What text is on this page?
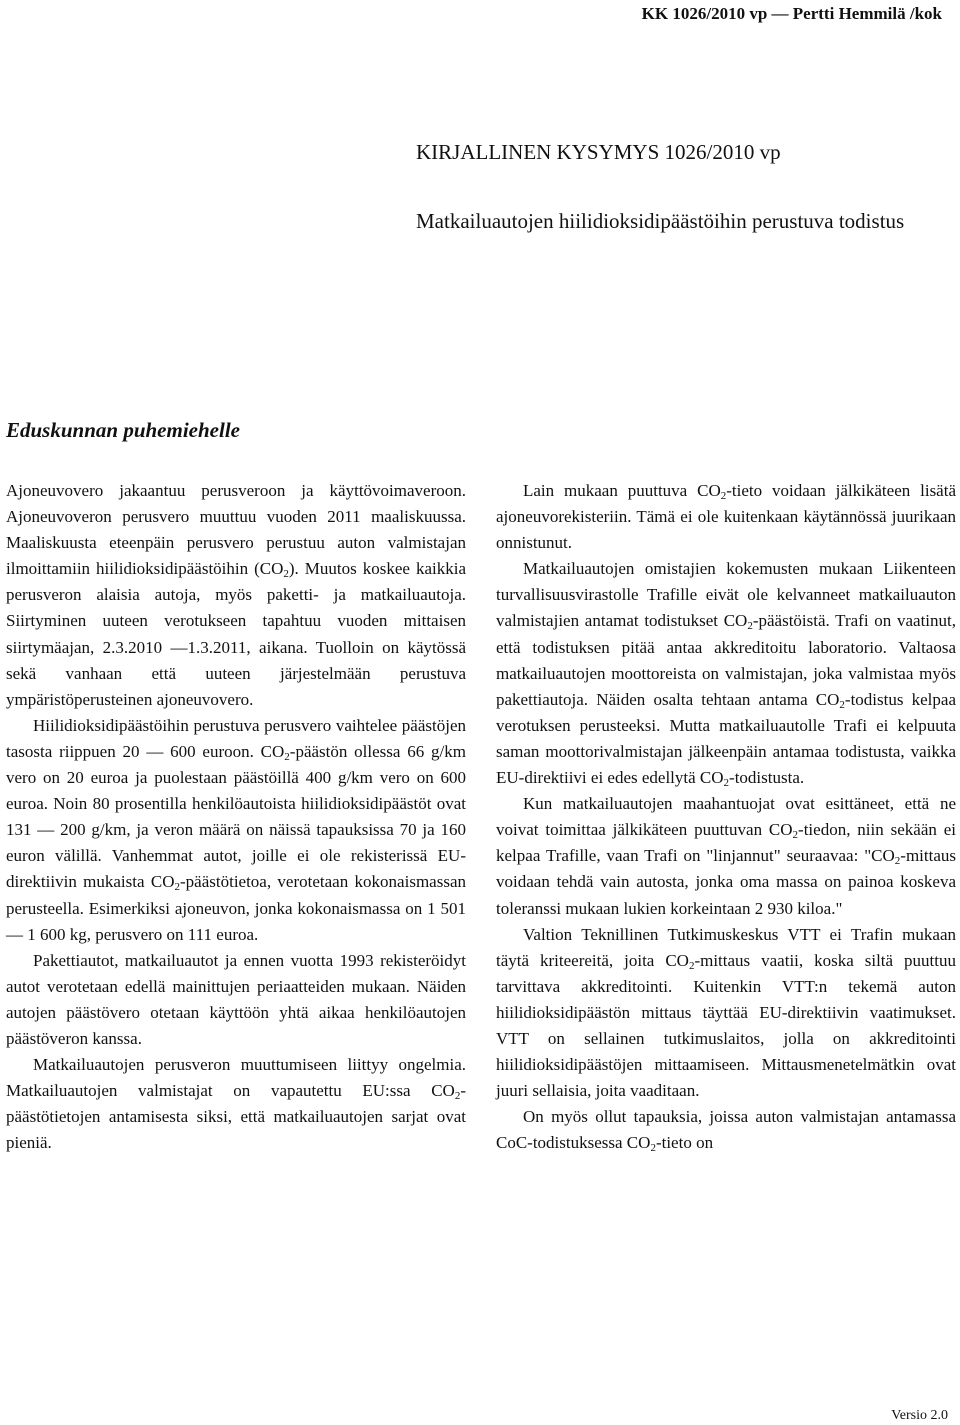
KK 1026/2010 vp — Pertti Hemmilä /kok
KIRJALLINEN KYSYMYS 1026/2010 vp
Matkailuautojen hiilidioksidipäästöihin perustuva todistus
Eduskunnan puhemiehelle

Ajoneuvovero jakaantuu perusveroon ja käyttövoimaveroon. Ajoneuvoveron perusvero muuttuu vuoden 2011 maaliskuussa. Maaliskuusta eteenpäin perusvero perustuu auton valmistajan ilmoittamiin hiilidioksidipäästöihin $(CO_2)$. Muutos koskee kaikkia perusveron alaisia autoja, myös paketti- ja matkailuautoja. Siirtyminen uuteen verotukseen tapahtuu vuoden mittaisen siirtymäajan, 2.3.2010 —1.3.2011, aikana. Tuolloin on käytössä sekä vanhaan että uuteen järjestelmään perustuva ympäristöperusteinen ajoneuvovero.

Hiilidioksidipäästöihin perustuva perusvero vaihtelee päästöjen tasosta riippuen 20 — 600 euroon. $CO_2$-päästön ollessa 66 g/km vero on 20 euroa ja puolestaan päästöillä 400 g/km vero on 600 euroa. Noin 80 prosentilla henkilöautoista hiilidioksidipäästöt ovat 131 — 200 g/km, ja veron määrä on näissä tapauksissa 70 ja 160 euron välillä. Vanhemmat autot, joille ei ole rekisterissä EU-direktiivin mukaista $CO_2$-päästötietoa, verotetaan kokonaismassan perusteella. Esimerkiksi ajoneuvon, jonka kokonaismassa on 1 501 — 1 600 kg, perusvero on 111 euroa.

Pakettiautot, matkailuautot ja ennen vuotta 1993 rekisteröidyt autot verotetaan edellä mainittujen periaatteiden mukaan. Näiden autojen päästövero otetaan käyttöön yhtä aikaa henkilöautojen päästöveron kanssa.

Matkailuautojen perusveron muuttumiseen liittyy ongelmia. Matkailuautojen valmistajat on vapautettu EU:ssa $CO_2$-päästötietojen antamisesta siksi, että matkailuautojen sarjat ovat pieniä.

Lain mukaan puuttuva $CO_2$-tieto voidaan jälkikäteen lisätä ajoneuvorekisteriin. Tämä ei ole kuitenkaan käytännössä juurikaan onnistunut.

Matkailuautojen omistajien kokemusten mukaan Liikenteen turvallisuusvirastolle Trafille eivät ole kelvanneet matkailuauton valmistajien antamat todistukset $CO_2$-päästöistä. Trafi on vaatinut, että todistuksen pitää antaa akkreditoitu laboratorio. Valtaosa matkailuautojen moottoreista on valmistajan, joka valmistaa myös pakettiautoja. Näiden osalta tehtaan antama $CO_2$-todistus kelpaa verotuksen perusteeksi. Mutta matkailuautolle Trafi ei kelpuuta saman moottorivalmistajan jälkeenpäin antamaa todistusta, vaikka EU-direktiivi ei edes edellytä $CO_2$-todistusta.

Kun matkailuautojen maahantuojat ovat esittäneet, että ne voivat toimittaa jälkikäteen puuttuvan $CO_2$-tiedon, niin sekään ei kelpaa Trafille, vaan Trafi on "linjannut" seuraavaa: "$CO_2$-mittaus voidaan tehdä vain autosta, jonka oma massa on painoa koskeva toleranssi mukaan lukien korkeintaan 2 930 kiloa."

Valtion Teknillinen Tutkimuskeskus VTT ei Trafin mukaan täytä kriteereitä, joita $CO_2$-mittaus vaatii, koska siltä puuttuu tarvittava akkreditointi. Kuitenkin VTT:n tekemä auton hiilidioksidipäästön mittaus täyttää EU-direktiivin vaatimukset. VTT on sellainen tutkimuslaitos, jolla on akkreditointi hiilidioksidipäästöjen mittaamiseen. Mittausmenetelmätkin ovat juuri sellaisia, joita vaaditaan.

On myös ollut tapauksia, joissa auton valmistajan antamassa CoC-todistuksessa $CO_2$-tieto on

Versio 2.0
